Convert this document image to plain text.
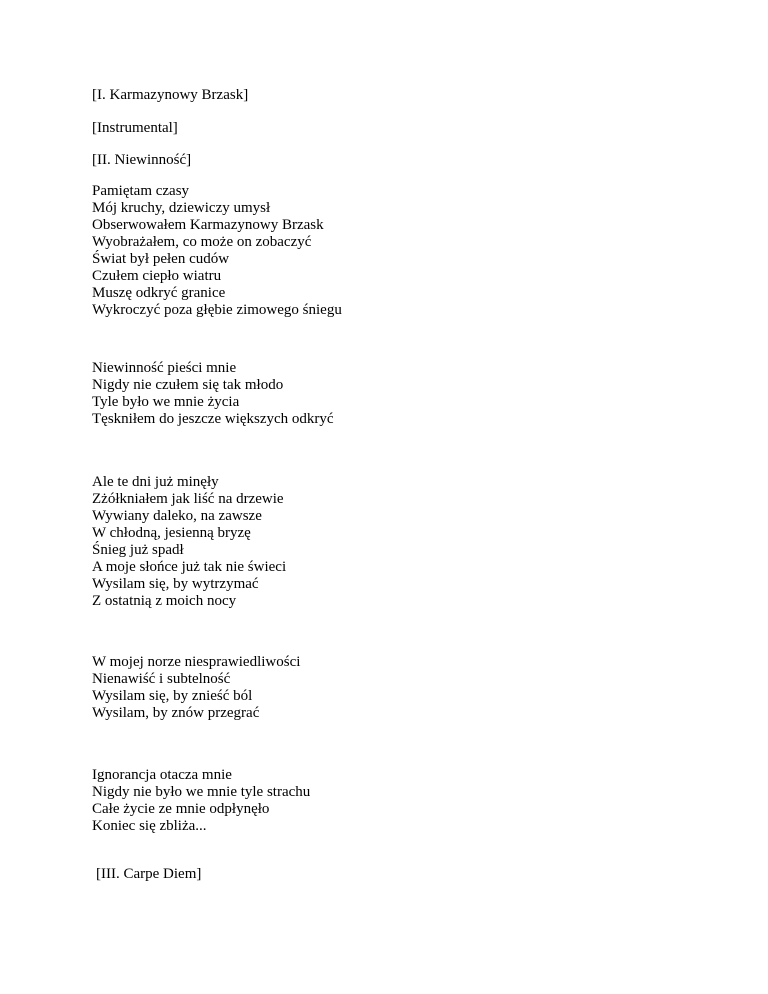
[I. Karmazynowy Brzask]
[Instrumental]
[II. Niewinność]
Pamiętam czasy
Mój kruchy, dziewiczy umysł
Obserwowałem Karmazynowy Brzask
Wyobrażałem, co może on zobaczyć
Świat był pełen cudów
Czułem ciepło wiatru
Muszę odkryć granice
Wykroczyć poza głębie zimowego śniegu
Niewinność pieści mnie
Nigdy nie czułem się tak młodo
Tyle było we mnie życia
Tęskniłem do jeszcze większych odkryć
Ale te dni już minęły
Zżółkniałem jak liść na drzewie
Wywiany daleko, na zawsze
W chłodną, jesienną bryzę
Śnieg już spadł
A moje słońce już tak nie świeci
Wysilam się, by wytrzymać
Z ostatnią z moich nocy
W mojej norze niesprawiedliwości
Nienawiść i subtelność
Wysilam się, by znieść ból
Wysilam, by znów przegrać
Ignorancja otacza mnie
Nigdy nie było we mnie tyle strachu
Całe życie ze mnie odpłynęło
Koniec się zbliża...
[III. Carpe Diem]
